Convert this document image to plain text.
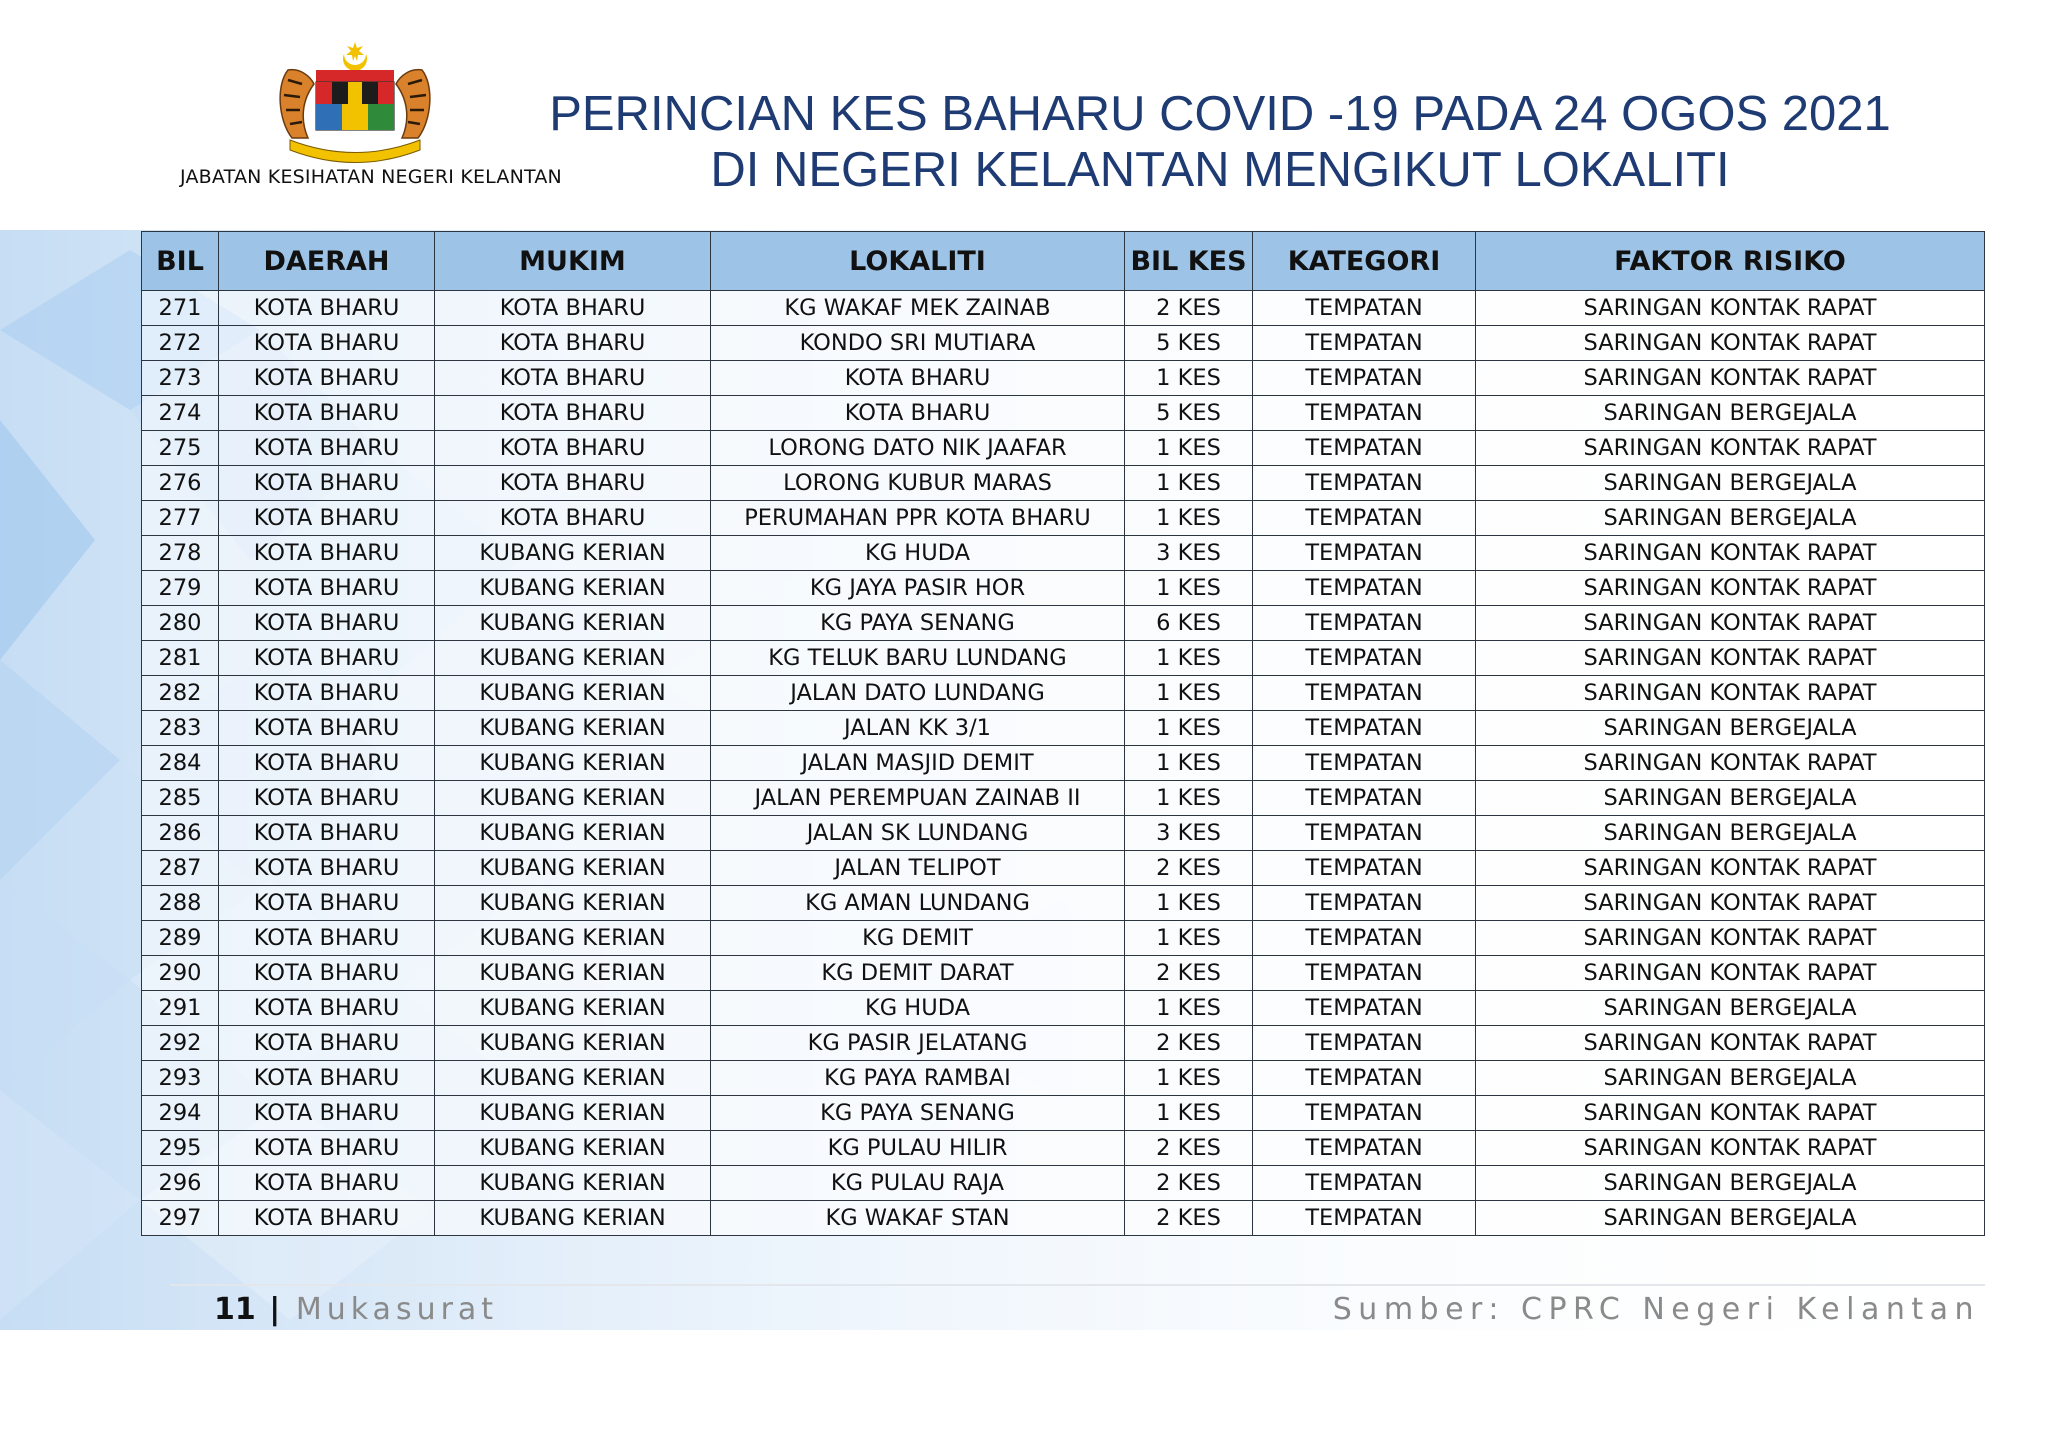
JABATAN KESIHATAN NEGERI KELANTAN
PERINCIAN KES BAHARU COVID -19 PADA 24 OGOS 2021
DI NEGERI KELANTAN MENGIKUT LOKALITI
BIL	DAERAH	MUKIM	LOKALITI	BIL KES	KATEGORI	FAKTOR RISIKO
271	KOTA BHARU	KOTA BHARU	KG WAKAF MEK ZAINAB	2 KES	TEMPATAN	SARINGAN KONTAK RAPAT
272	KOTA BHARU	KOTA BHARU	KONDO SRI MUTIARA	5 KES	TEMPATAN	SARINGAN KONTAK RAPAT
273	KOTA BHARU	KOTA BHARU	KOTA BHARU	1 KES	TEMPATAN	SARINGAN KONTAK RAPAT
274	KOTA BHARU	KOTA BHARU	KOTA BHARU	5 KES	TEMPATAN	SARINGAN BERGEJALA
275	KOTA BHARU	KOTA BHARU	LORONG DATO NIK JAAFAR	1 KES	TEMPATAN	SARINGAN KONTAK RAPAT
276	KOTA BHARU	KOTA BHARU	LORONG KUBUR MARAS	1 KES	TEMPATAN	SARINGAN BERGEJALA
277	KOTA BHARU	KOTA BHARU	PERUMAHAN PPR KOTA BHARU	1 KES	TEMPATAN	SARINGAN BERGEJALA
278	KOTA BHARU	KUBANG KERIAN	KG HUDA	3 KES	TEMPATAN	SARINGAN KONTAK RAPAT
279	KOTA BHARU	KUBANG KERIAN	KG JAYA PASIR HOR	1 KES	TEMPATAN	SARINGAN KONTAK RAPAT
280	KOTA BHARU	KUBANG KERIAN	KG PAYA SENANG	6 KES	TEMPATAN	SARINGAN KONTAK RAPAT
281	KOTA BHARU	KUBANG KERIAN	KG TELUK BARU LUNDANG	1 KES	TEMPATAN	SARINGAN KONTAK RAPAT
282	KOTA BHARU	KUBANG KERIAN	JALAN DATO LUNDANG	1 KES	TEMPATAN	SARINGAN KONTAK RAPAT
283	KOTA BHARU	KUBANG KERIAN	JALAN KK 3/1	1 KES	TEMPATAN	SARINGAN BERGEJALA
284	KOTA BHARU	KUBANG KERIAN	JALAN MASJID DEMIT	1 KES	TEMPATAN	SARINGAN KONTAK RAPAT
285	KOTA BHARU	KUBANG KERIAN	JALAN PEREMPUAN ZAINAB II	1 KES	TEMPATAN	SARINGAN BERGEJALA
286	KOTA BHARU	KUBANG KERIAN	JALAN SK LUNDANG	3 KES	TEMPATAN	SARINGAN BERGEJALA
287	KOTA BHARU	KUBANG KERIAN	JALAN TELIPOT	2 KES	TEMPATAN	SARINGAN KONTAK RAPAT
288	KOTA BHARU	KUBANG KERIAN	KG AMAN LUNDANG	1 KES	TEMPATAN	SARINGAN KONTAK RAPAT
289	KOTA BHARU	KUBANG KERIAN	KG DEMIT	1 KES	TEMPATAN	SARINGAN KONTAK RAPAT
290	KOTA BHARU	KUBANG KERIAN	KG DEMIT DARAT	2 KES	TEMPATAN	SARINGAN KONTAK RAPAT
291	KOTA BHARU	KUBANG KERIAN	KG HUDA	1 KES	TEMPATAN	SARINGAN BERGEJALA
292	KOTA BHARU	KUBANG KERIAN	KG PASIR JELATANG	2 KES	TEMPATAN	SARINGAN KONTAK RAPAT
293	KOTA BHARU	KUBANG KERIAN	KG PAYA RAMBAI	1 KES	TEMPATAN	SARINGAN BERGEJALA
294	KOTA BHARU	KUBANG KERIAN	KG PAYA SENANG	1 KES	TEMPATAN	SARINGAN KONTAK RAPAT
295	KOTA BHARU	KUBANG KERIAN	KG PULAU HILIR	2 KES	TEMPATAN	SARINGAN KONTAK RAPAT
296	KOTA BHARU	KUBANG KERIAN	KG PULAU RAJA	2 KES	TEMPATAN	SARINGAN BERGEJALA
297	KOTA BHARU	KUBANG KERIAN	KG WAKAF STAN	2 KES	TEMPATAN	SARINGAN BERGEJALA
11 | Mukasurat	Sumber: CPRC Negeri Kelantan
